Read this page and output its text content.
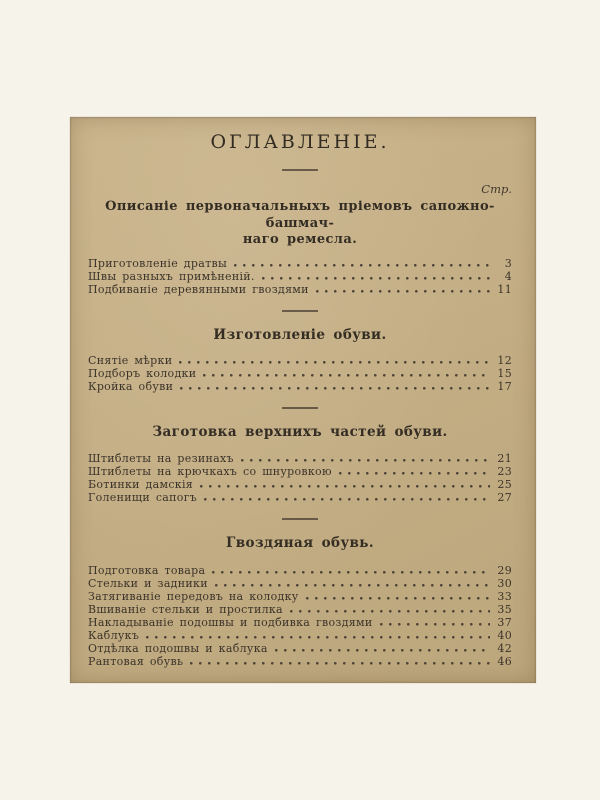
ОГЛАВЛЕНІЕ.
Стр.
Описаніе первоначальныхъ пріемовъ сапожно-башмач-
наго ремесла.
Приготовленіе дратвы	3
Швы разныхъ примѣненій.	4
Подбиваніе деревянными гвоздями	11
Изготовленіе обуви.
Снятіе мѣрки	12
Подборъ колодки	15
Кройка обуви	17
Заготовка верхнихъ частей обуви.
Штиблеты на резинахъ	21
Штиблеты на крючкахъ со шнуровкою	23
Ботинки дамскія	25
Голенищи сапогъ	27
Гвоздяная обувь.
Подготовка товара	29
Стельки и задники	30
Затягиваніе передовъ на колодку	33
Вшиваніе стельки и простилка	35
Накладываніе подошвы и подбивка гвоздями	37
Каблукъ	40
Отдѣлка подошвы и каблука	42
Рантовая обувь	46
